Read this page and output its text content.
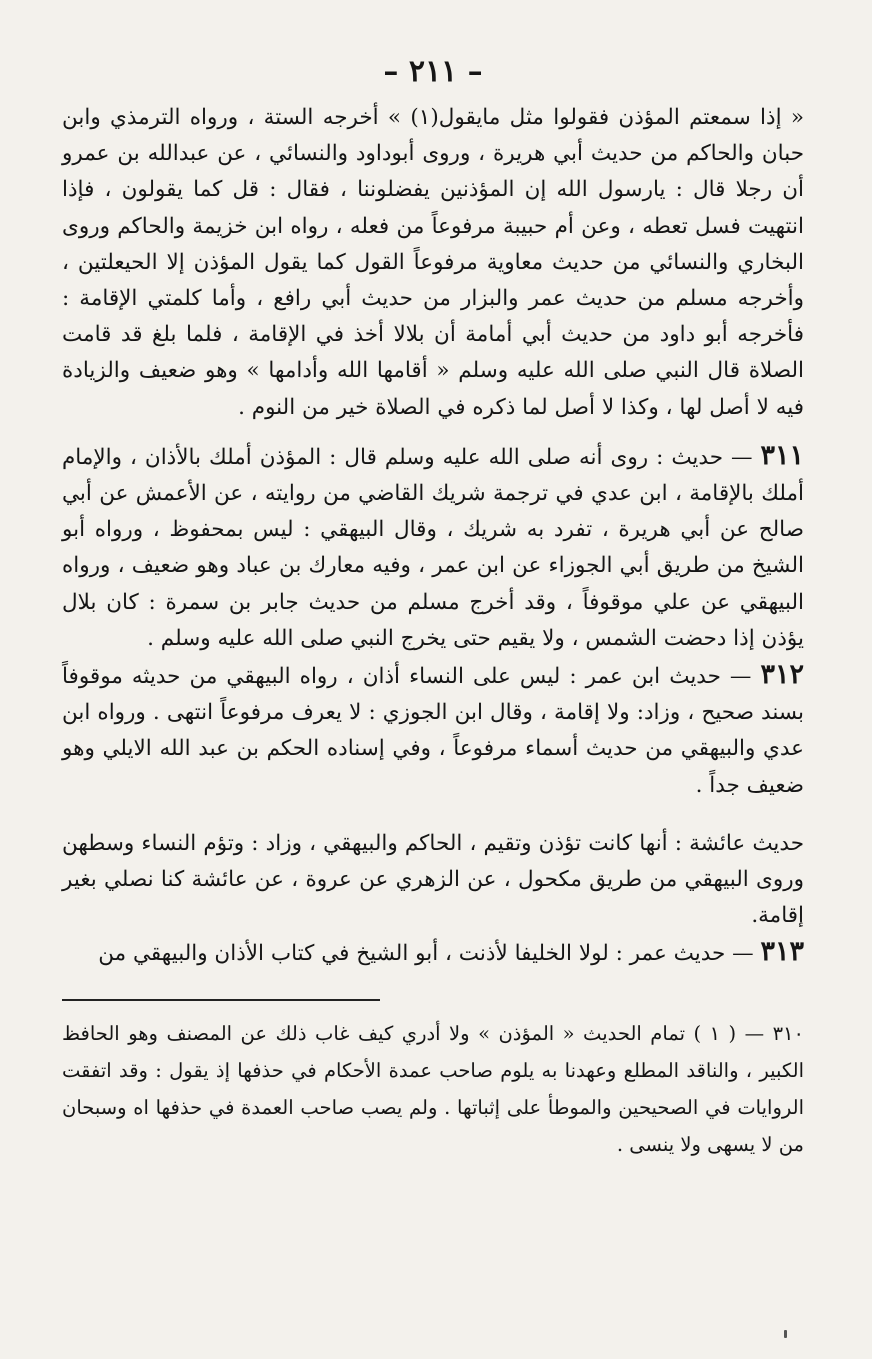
– ٢١١ –

« إذا سمعتم المؤذن فقولوا مثل مايقول(١) » أخرجه الستة ، ورواه الترمذي وابن حبان والحاكم من حديث أبي هريرة ، وروى أبوداود والنسائي ، عن عبدالله بن عمرو أن رجلا قال : يارسول الله إن المؤذنين يفضلوننا ، فقال : قل كما يقولون ، فإذا انتهيت فسل تعطه ، وعن أم حبيبة مرفوعاً من فعله ، رواه ابن خزيمة والحاكم وروى البخاري والنسائي من حديث معاوية مرفوعاً القول كما يقول المؤذن إلا الحيعلتين ، وأخرجه مسلم من حديث عمر والبزار من حديث أبي رافع ، وأما كلمتي الإقامة : فأخرجه أبو داود من حديث أبي أمامة أن بلالا أخذ في الإقامة ، فلما بلغ قد قامت الصلاة قال النبي صلى الله عليه وسلم « أقامها الله وأدامها » وهو ضعيف والزيادة فيه لا أصل لها ، وكذا لا أصل لما ذكره في الصلاة خير من النوم .

٣١١ — حديث : روى أنه صلى الله عليه وسلم قال : المؤذن أملك بالأذان ، والإمام أملك بالإقامة ، ابن عدي في ترجمة شريك القاضي من روايته ، عن الأعمش عن أبي صالح عن أبي هريرة ، تفرد به شريك ، وقال البيهقي : ليس بمحفوظ ، ورواه أبو الشيخ من طريق أبي الجوزاء عن ابن عمر ، وفيه معارك بن عباد وهو ضعيف ، ورواه البيهقي عن علي موقوفاً ، وقد أخرج مسلم من حديث جابر بن سمرة : كان بلال يؤذن إذا دحضت الشمس ، ولا يقيم حتى يخرج النبي صلى الله عليه وسلم .

٣١٢ — حديث ابن عمر : ليس على النساء أذان ، رواه البيهقي من حديثه موقوفاً بسند صحيح ، وزاد: ولا إقامة ، وقال ابن الجوزي : لا يعرف مرفوعاً انتهى . ورواه ابن عدي والبيهقي من حديث أسماء مرفوعاً ، وفي إسناده الحكم بن عبد الله الايلي وهو ضعيف جداً .

حديث عائشة : أنها كانت تؤذن وتقيم ، الحاكم والبيهقي ، وزاد : وتؤم النساء وسطهن وروى البيهقي من طريق مكحول ، عن الزهري عن عروة ، عن عائشة كنا نصلي بغير إقامة.

٣١٣ — حديث عمر : لولا الخليفا لأذنت ، أبو الشيخ في كتاب الأذان والبيهقي من

٣١٠ — ( ١ ) تمام الحديث « المؤذن » ولا أدري كيف غاب ذلك عن المصنف وهو الحافظ الكبير ، والناقد المطلع وعهدنا به يلوم صاحب عمدة الأحكام في حذفها إذ يقول : وقد اتفقت الروايات في الصحيحين والموطأ على إثباتها . ولم يصب صاحب العمدة في حذفها اه وسبحان من لا يسهى ولا ينسى .
